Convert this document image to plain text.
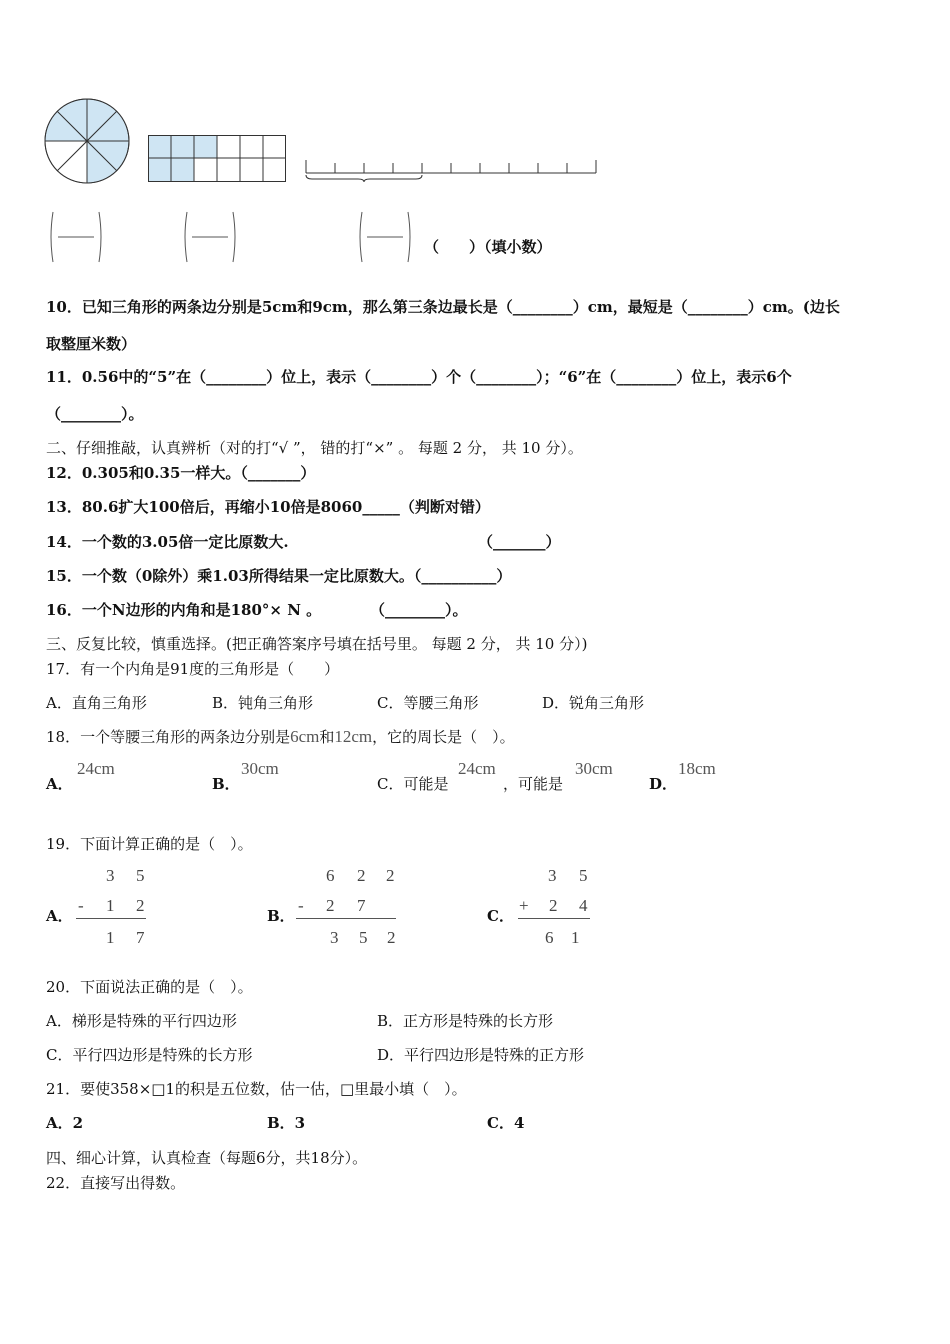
（　　）（填小数）
10．已知三角形的两条边分别是5cm和9cm，那么第三条边最长是（________）cm，最短是（________）cm。(边长
取整厘米数）
11．0.56中的“5”在（________）位上，表示（________）个（________）；“6”在（________）位上，表示6个
（________）。
二、仔细推敲，认真辨析（对的打“√ ”， 错的打“×” 。 每题 2 分， 共 10 分）。
12．0.305和0.35一样大。（_______）
13．80.6扩大100倍后，再缩小10倍是8060_____（判断对错）
14．一个数的3.05倍一定比原数大.	（_______）
15．一个数（0除外）乘1.03所得结果一定比原数大。（__________）
16．一个N边形的内角和是180°× N 。	（________）。
三、反复比较，慎重选择。(把正确答案序号填在括号里。 每题 2 分， 共 10 分）)
17．有一个内角是91度的三角形是（　　）
A．直角三角形	B．钝角三角形	C．等腰三角形	D．锐角三角形
18．一个等腰三角形的两条边分别是6cm和12cm，它的周长是（　）。
A．
24cm
B．
30cm
C．可能是
24cm
，可能是
30cm
D．
18cm
19．下面计算正确的是（　）。
A．
3 5
- 1 2
1 7
B．
6 2 2
- 2 7
3 5 2
C．
3 5
+ 2 4
6 1
20．下面说法正确的是（　）。
A．梯形是特殊的平行四边形	B．正方形是特殊的长方形
C．平行四边形是特殊的长方形	D．平行四边形是特殊的正方形
21．要使358×□1的积是五位数，估一估，□里最小填（　）。
A．2	B．3	C．4
四、细心计算，认真检查（每题6分，共18分）。
22．直接写出得数。
